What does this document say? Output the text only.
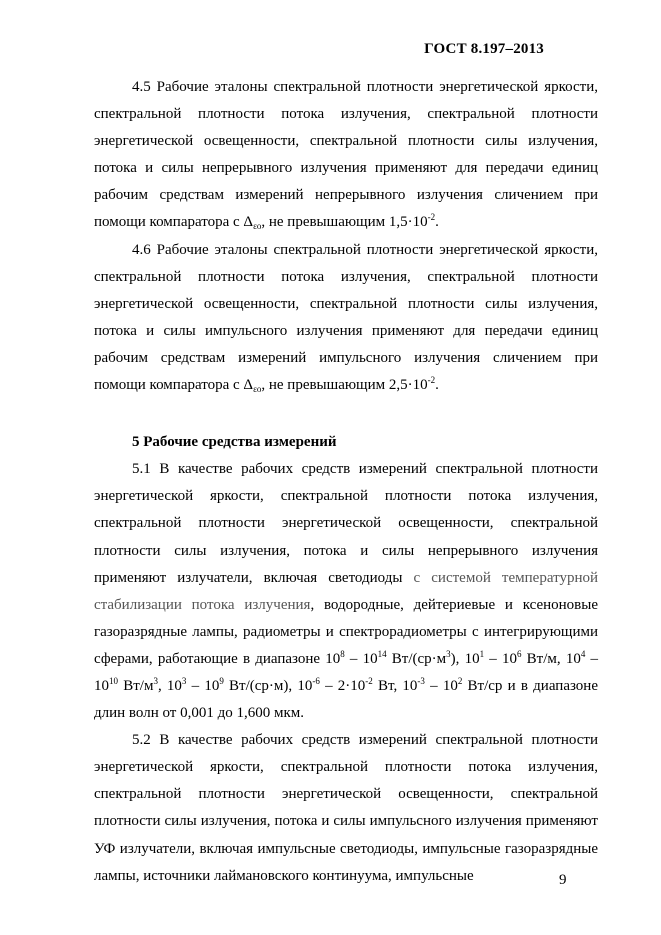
ГОСТ 8.197–2013

4.5 Рабочие эталоны спектральной плотности энергетической яркости, спектральной плотности потока излучения, спектральной плотности энергетической освещенности, спектральной плотности силы излучения, потока и силы непрерывного излучения применяют для передачи единиц рабочим средствам измерений непрерывного излучения сличением при помощи компаратора с $\Delta_{\varepsilon o}$, не превышающим $1,5\cdot 10^{-2}$.

4.6 Рабочие эталоны спектральной плотности энергетической яркости, спектральной плотности потока излучения, спектральной плотности энергетической освещенности, спектральной плотности силы излучения, потока и силы импульсного излучения применяют для передачи единиц рабочим средствам измерений импульсного излучения сличением при помощи компаратора с $\Delta_{\varepsilon o}$, не превышающим $2,5\cdot 10^{-2}$.

5 Рабочие средства измерений

5.1 В качестве рабочих средств измерений спектральной плотности энергетической яркости, спектральной плотности потока излучения, спектральной плотности энергетической освещенности, спектральной плотности силы излучения, потока и силы непрерывного излучения применяют излучатели, включая светодиоды с системой температурной стабилизации потока излучения, водородные, дейтериевые и ксеноновые газоразрядные лампы, радиометры и спектрорадиометры с интегрирующими сферами, работающие в диапазоне $10^8 - 10^{14}$ $Вт/(ср\cdot м^3)$, $10^1 - 10^6$ Вт/м, $10^4 - 10^{10}$ $Вт/м^3$, $10^3 - 10^9$ Вт/(ср·м), $10^{-6} - 2\cdot 10^{-2}$ Вт, $10^{-3} - 10^2$ Вт/ср и в диапазоне длин волн от 0,001 до 1,600 мкм.

5.2 В качестве рабочих средств измерений спектральной плотности энергетической яркости, спектральной плотности потока излучения, спектральной плотности энергетической освещенности, спектральной плотности силы излучения, потока и силы импульсного излучения применяют УФ излучатели, включая импульсные светодиоды, импульсные газоразрядные лампы, источники лаймановского континуума, импульсные	9
